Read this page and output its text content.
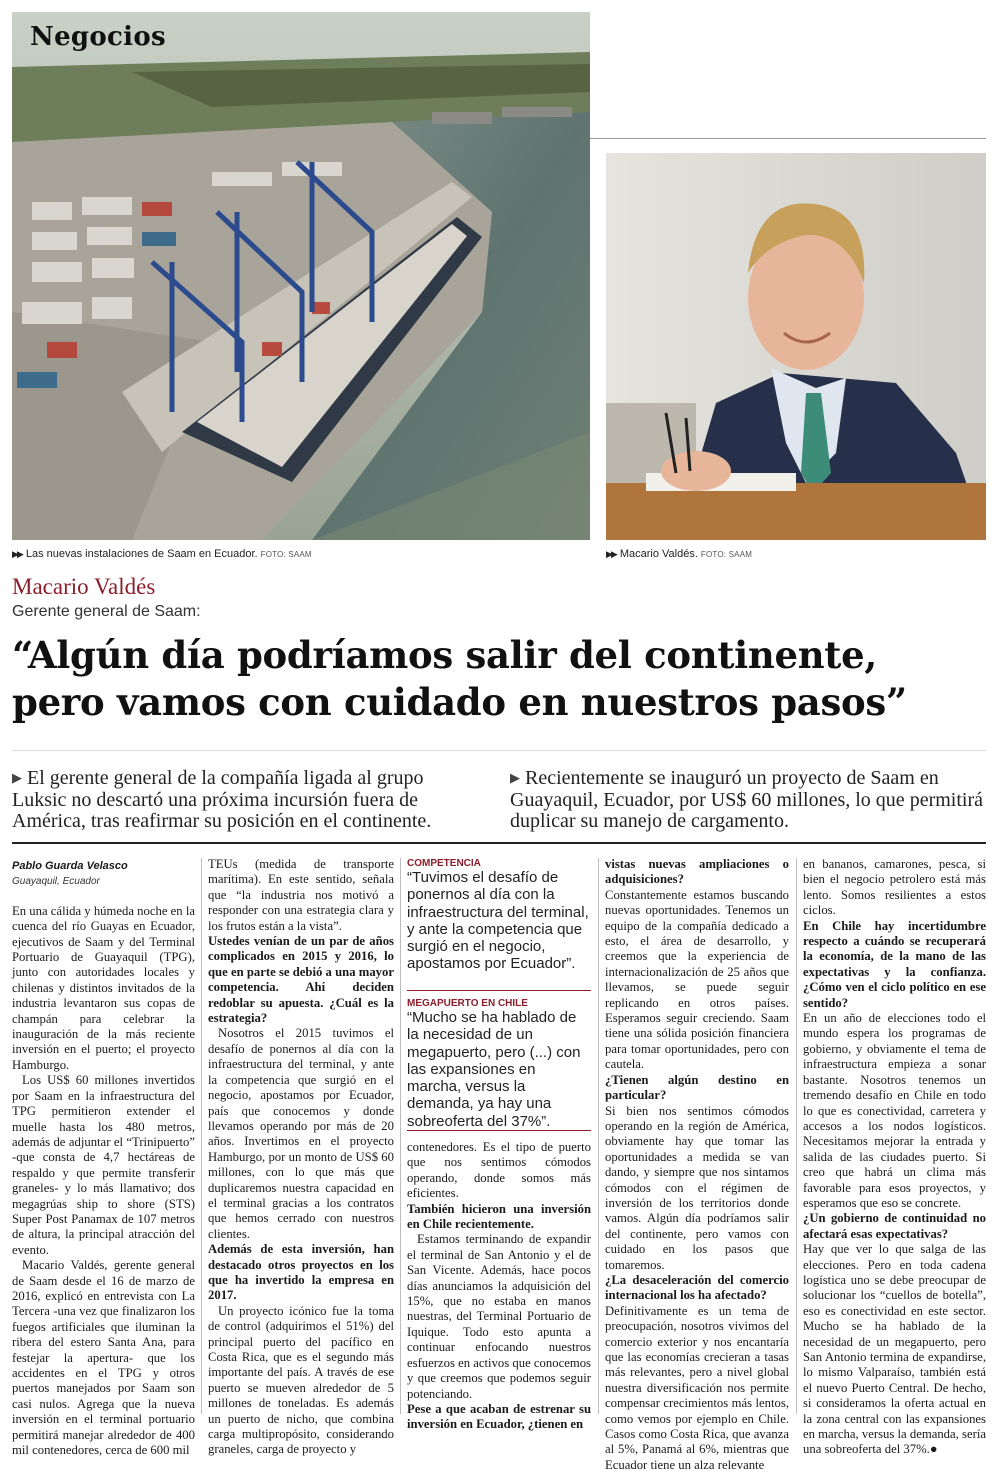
Negocios
▶▶ Las nuevas instalaciones de Saam en Ecuador. FOTO: SAAM	▶▶ Macario Valdés. FOTO: SAAM
Macario Valdés
Gerente general de Saam:
“Algún día podríamos salir del continente,
pero vamos con cuidado en nuestros pasos”
▶ El gerente general de la compañía ligada al grupo Luksic no descartó una próxima incursión fuera de América, tras reafirmar su posición en el continente.
▶ Recientemente se inauguró un proyecto de Saam en Guayaquil, Ecuador, por US$ 60 millones, lo que permitirá duplicar su manejo de cargamento.
Pablo Guarda Velasco
Guayaquil, Ecuador

En una cálida y húmeda noche en la cuenca del río Guayas en Ecuador, ejecutivos de Saam y del Terminal Portuario de Guayaquil (TPG), junto con autoridades locales y chilenas y distintos invitados de la industria levantaron sus copas de champán para celebrar la inauguración de la más reciente inversión en el puerto; el proyecto Hamburgo.

Los US$ 60 millones invertidos por Saam en la infraestructura del TPG permitieron extender el muelle hasta los 480 metros, además de adjuntar el “Trinipuerto” -que consta de 4,7 hectáreas de respaldo y que permite transferir graneles- y lo más llamativo; dos megagrúas ship to shore (STS) Super Post Panamax de 107 metros de altura, la principal atracción del evento.

Macario Valdés, gerente general de Saam desde el 16 de marzo de 2016, explicó en entrevista con La Tercera -una vez que finalizaron los fuegos artificiales que iluminan la ribera del estero Santa Ana, para festejar la apertura- que los accidentes en el TPG y otros puertos manejados por Saam son casi nulos. Agrega que la nueva inversión en el terminal portuario permitirá manejar alrededor de 400 mil contenedores, cerca de 600 mil

TEUs (medida de transporte marítima). En este sentido, señala que “la industria nos motivó a responder con una estrategia clara y los frutos están a la vista”.

Ustedes venían de un par de años complicados en 2015 y 2016, lo que en parte se debió a una mayor competencia. Ahí deciden redoblar su apuesta. ¿Cuál es la estrategia?

Nosotros el 2015 tuvimos el desafío de ponernos al día con la infraestructura del terminal, y ante la competencia que surgió en el negocio, apostamos por Ecuador, país que conocemos y donde llevamos operando por más de 20 años. Invertimos en el proyecto Hamburgo, por un monto de US$ 60 millones, con lo que más que duplicaremos nuestra capacidad en el terminal gracias a los contratos que hemos cerrado con nuestros clientes.

Además de esta inversión, han destacado otros proyectos en los que ha invertido la empresa en 2017.

Un proyecto icónico fue la toma de control (adquirimos el 51%) del principal puerto del pacífico en Costa Rica, que es el segundo más importante del país. A través de ese puerto se mueven alrededor de 5 millones de toneladas. Es además un puerto de nicho, que combina carga multipropósito, considerando graneles, carga de proyecto y

COMPETENCIA
“Tuvimos el desafío de ponernos al día con la infraestructura del terminal, y ante la competencia que surgió en el negocio, apostamos por Ecuador”.
MEGAPUERTO EN CHILE
“Mucho se ha hablado de la necesidad de un megapuerto, pero (...) con las expansiones en marcha, versus la demanda, ya hay una sobreoferta del 37%”.

contenedores. Es el tipo de puerto que nos sentimos cómodos operando, donde somos más eficientes.

También hicieron una inversión en Chile recientemente.

Estamos terminando de expandir el terminal de San Antonio y el de San Vicente. Además, hace pocos días anunciamos la adquisición del 15%, que no estaba en manos nuestras, del Terminal Portuario de Iquique. Todo esto apunta a continuar enfocando nuestros esfuerzos en activos que conocemos y que creemos que podemos seguir potenciando.

Pese a que acaban de estrenar su inversión en Ecuador, ¿tienen en

vistas nuevas ampliaciones o adquisiciones?

Constantemente estamos buscando nuevas oportunidades. Tenemos un equipo de la compañía dedicado a esto, el área de desarrollo, y creemos que la experiencia de internacionalización de 25 años que llevamos, se puede seguir replicando en otros países. Esperamos seguir creciendo. Saam tiene una sólida posición financiera para tomar oportunidades, pero con cautela.

¿Tienen algún destino en particular?

Si bien nos sentimos cómodos operando en la región de América, obviamente hay que tomar las oportunidades a medida se van dando, y siempre que nos sintamos cómodos con el régimen de inversión de los territorios donde vamos. Algún día podríamos salir del continente, pero vamos con cuidado en los pasos que tomaremos.

¿La desaceleración del comercio internacional los ha afectado?

Definitivamente es un tema de preocupación, nosotros vivimos del comercio exterior y nos encantaría que las economías crecieran a tasas más relevantes, pero a nivel global nuestra diversificación nos permite compensar crecimientos más lentos, como vemos por ejemplo en Chile. Casos como Costa Rica, que avanza al 5%, Panamá al 6%, mientras que Ecuador tiene un alza relevante

en bananos, camarones, pesca, si bien el negocio petrolero está más lento. Somos resilientes a estos ciclos.

En Chile hay incertidumbre respecto a cuándo se recuperará la economía, de la mano de las expectativas y la confianza. ¿Cómo ven el ciclo político en ese sentido?

En un año de elecciones todo el mundo espera los programas de gobierno, y obviamente el tema de infraestructura empieza a sonar bastante. Nosotros tenemos un tremendo desafío en Chile en todo lo que es conectividad, carretera y accesos a los nodos logísticos. Necesitamos mejorar la entrada y salida de las ciudades puerto. Si creo que habrá un clima más favorable para esos proyectos, y esperamos que eso se concrete.

¿Un gobierno de continuidad no afectará esas expectativas?

Hay que ver lo que salga de las elecciones. Pero en toda cadena logística uno se debe preocupar de solucionar los “cuellos de botella”, eso es conectividad en este sector. Mucho se ha hablado de la necesidad de un megapuerto, pero San Antonio termina de expandirse, lo mismo Valparaíso, también está el nuevo Puerto Central. De hecho, si consideramos la oferta actual en la zona central con las expansiones en marcha, versus la demanda, sería una sobreoferta del 37%.●
